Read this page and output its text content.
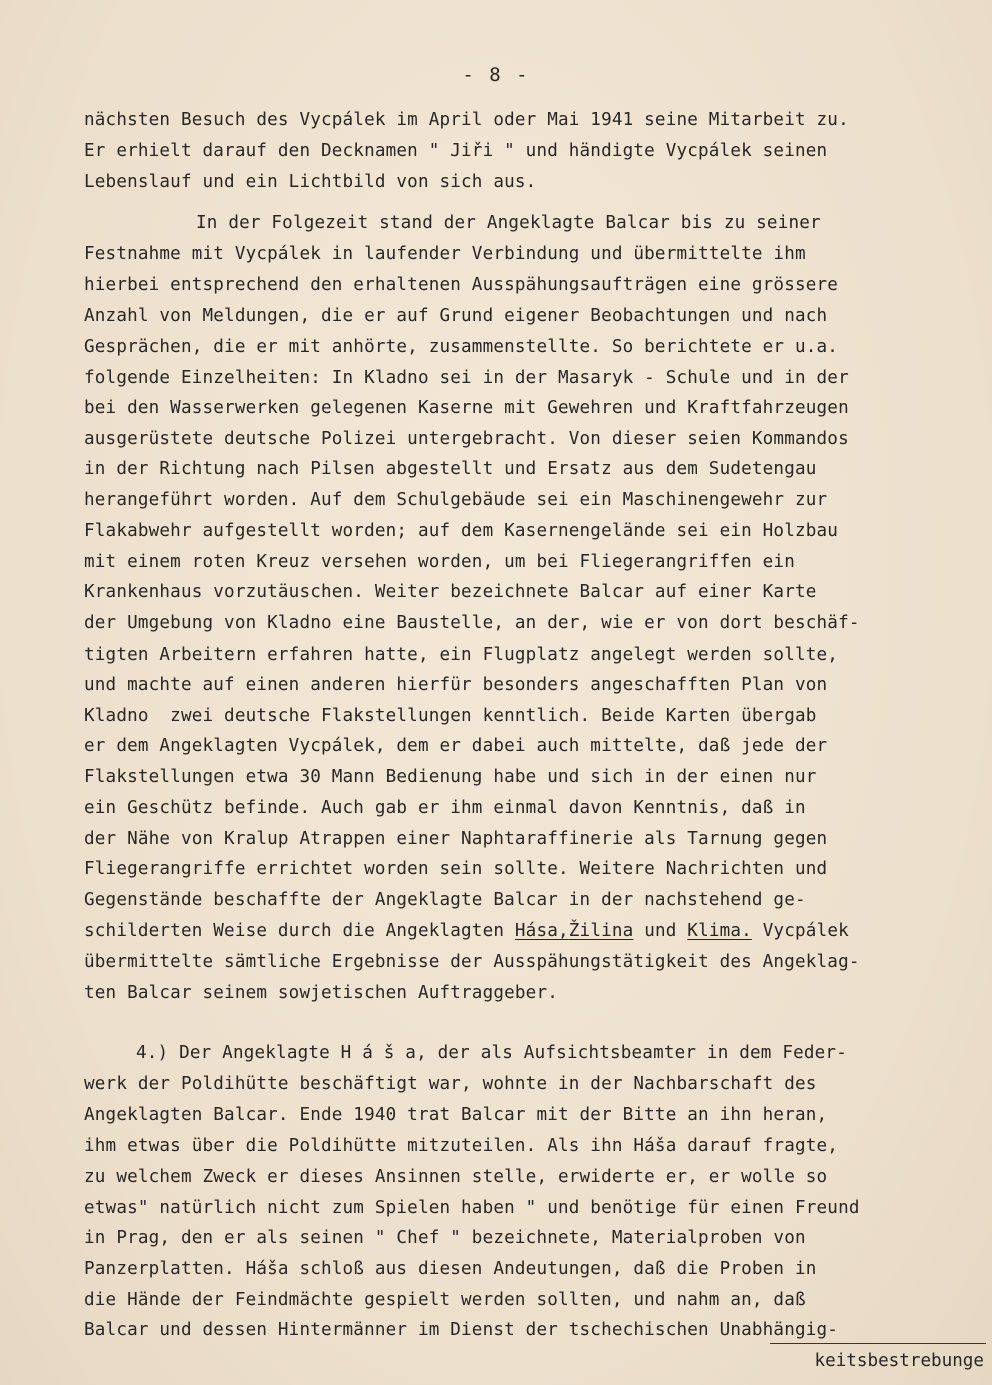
- 8 -
nächsten Besuch des Vycpálek im April oder Mai 1941 seine Mitarbeit zu.
Er erhielt darauf den Decknamen " Jiři " und händigte Vycpálek seinen
Lebenslauf und ein Lichtbild von sich aus.
In der Folgezeit stand der Angeklagte Balcar bis zu seiner
Festnahme mit Vycpálek in laufender Verbindung und übermittelte ihm
hierbei entsprechend den erhaltenen Ausspähungsaufträgen eine grössere
Anzahl von Meldungen, die er auf Grund eigener Beobachtungen und nach
Gesprächen, die er mit anhörte, zusammenstellte. So berichtete er u.a.
folgende Einzelheiten: In Kladno sei in der Masaryk - Schule und in der
bei den Wasserwerken gelegenen Kaserne mit Gewehren und Kraftfahrzeugen
ausgerüstete deutsche Polizei untergebracht. Von dieser seien Kommandos
in der Richtung nach Pilsen abgestellt und Ersatz aus dem Sudetengau
herangeführt worden. Auf dem Schulgebäude sei ein Maschinengewehr zur
Flakabwehr aufgestellt worden; auf dem Kasernengelände sei ein Holzbau
mit einem roten Kreuz versehen worden, um bei Fliegerangriffen ein
Krankenhaus vorzutäuschen. Weiter bezeichnete Balcar auf einer Karte
der Umgebung von Kladno eine Baustelle, an der, wie er von dort beschäf-
tigten Arbeitern erfahren hatte, ein Flugplatz angelegt werden sollte,
und machte auf einen anderen hierfür besonders angeschafften Plan von
Kladno  zwei deutsche Flakstellungen kenntlich. Beide Karten übergab
er dem Angeklagten Vycpálek, dem er dabei auch mittelte, daß jede der
Flakstellungen etwa 30 Mann Bedienung habe und sich in der einen nur
ein Geschütz befinde. Auch gab er ihm einmal davon Kenntnis, daß in
der Nähe von Kralup Atrappen einer Naphtaraffinerie als Tarnung gegen
Fliegerangriffe errichtet worden sein sollte. Weitere Nachrichten und
Gegenstände beschaffte der Angeklagte Balcar in der nachstehend ge-
schilderten Weise durch die Angeklagten Hása,Žilina und Klima. Vycpálek
übermittelte sämtliche Ergebnisse der Ausspähungstätigkeit des Angeklag-
ten Balcar seinem sowjetischen Auftraggeber.
4.) Der Angeklagte H á š a, der als Aufsichtsbeamter in dem Feder-
werk der Poldihütte beschäftigt war, wohnte in der Nachbarschaft des
Angeklagten Balcar. Ende 1940 trat Balcar mit der Bitte an ihn heran,
ihm etwas über die Poldihütte mitzuteilen. Als ihn Háša darauf fragte,
zu welchem Zweck er dieses Ansinnen stelle, erwiderte er, er wolle so
etwas" natürlich nicht zum Spielen haben " und benötige für einen Freund
in Prag, den er als seinen " Chef " bezeichnete, Materialproben von
Panzerplatten. Háša schloß aus diesen Andeutungen, daß die Proben in
die Hände der Feindmächte gespielt werden sollten, und nahm an, daß
Balcar und dessen Hintermänner im Dienst der tschechischen Unabhängig-
keitsbestrebunge
